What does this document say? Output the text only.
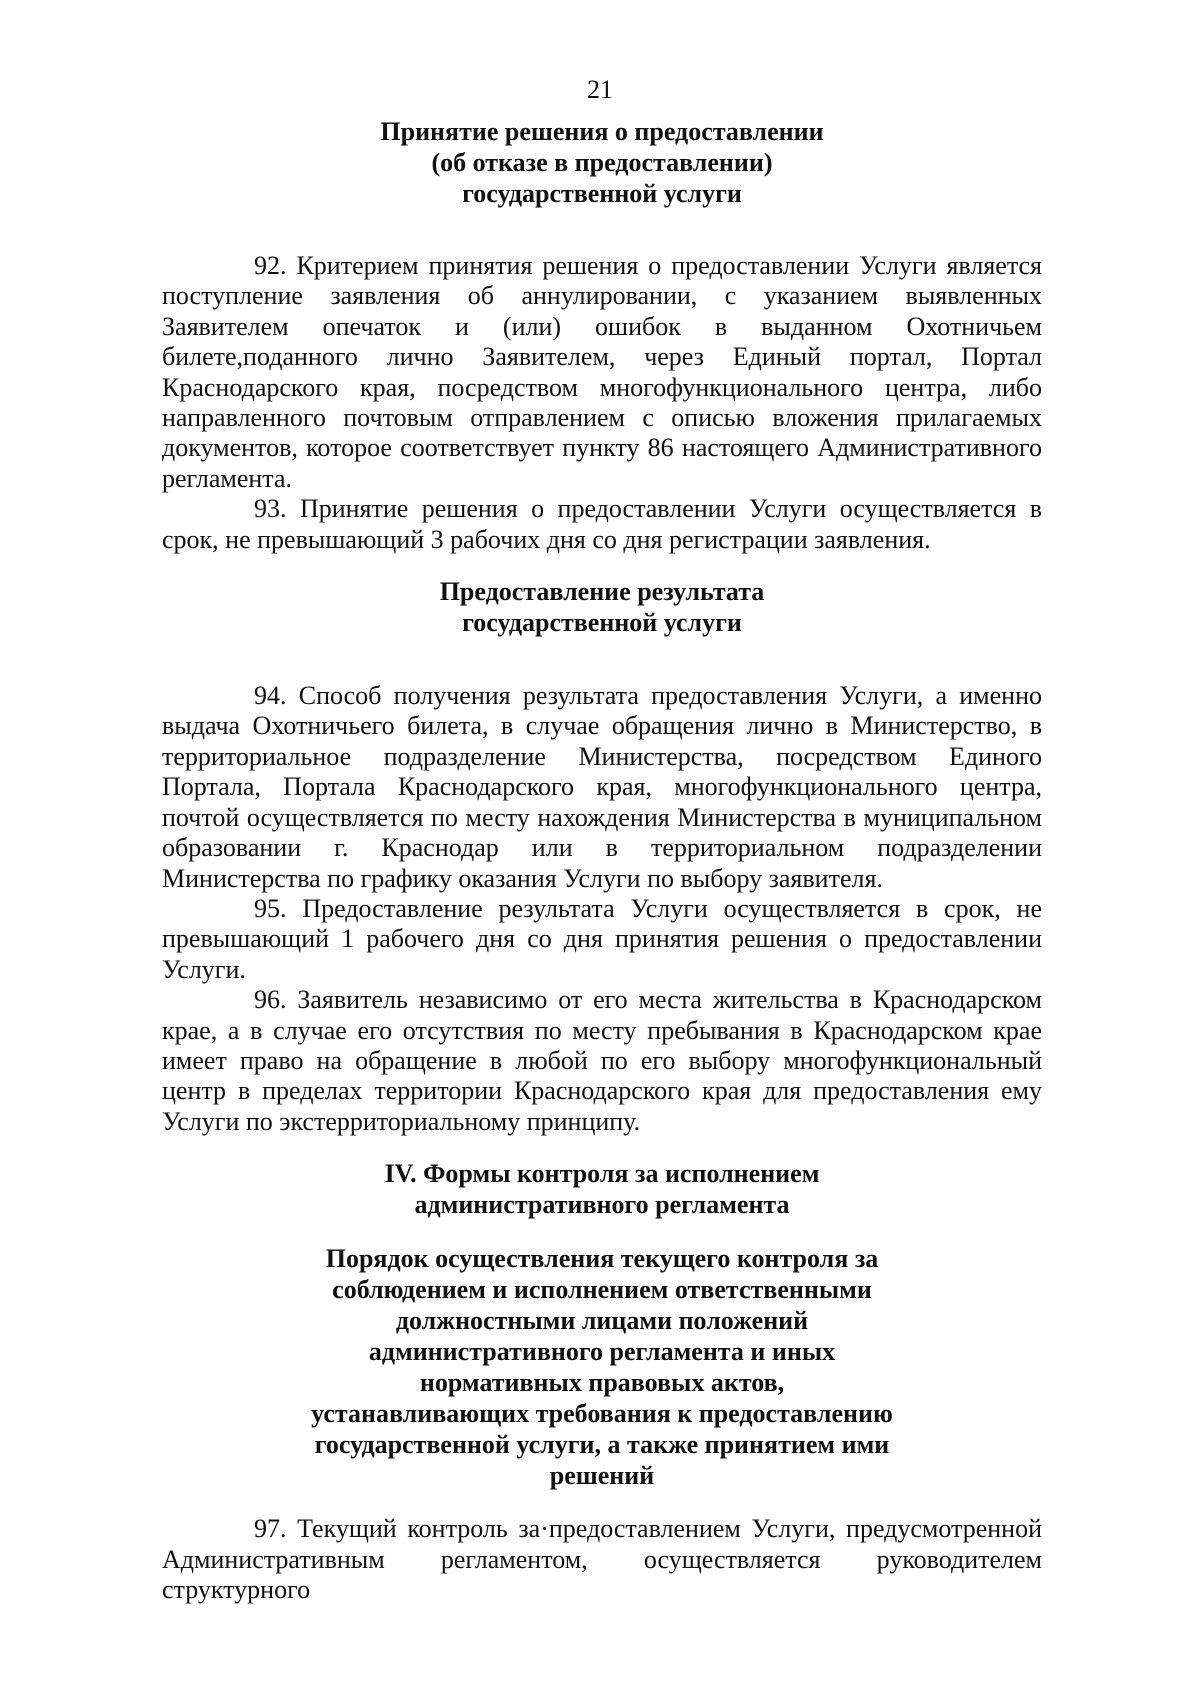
21
Принятие решения о предоставлении
(об отказе в предоставлении)
государственной услуги

92. Критерием принятия решения о предоставлении Услуги является поступление заявления об аннулировании, с указанием выявленных Заявителем опечаток и (или) ошибок в выданном Охотничьем билете,поданного лично Заявителем, через Единый портал, Портал Краснодарского края, посредством многофункционального центра, либо направленного почтовым отправлением с описью вложения прилагаемых документов, которое соответствует пункту 86 настоящего Административного регламента.

93. Принятие решения о предоставлении Услуги осуществляется в срок, не превышающий 3 рабочих дня со дня регистрации заявления.

Предоставление результата
государственной услуги

94. Способ получения результата предоставления Услуги, а именно выдача Охотничьего билета, в случае обращения лично в Министерство, в территориальное подразделение Министерства, посредством Единого Портала, Портала Краснодарского края, многофункционального центра, почтой осуществляется по месту нахождения Министерства в муниципальном образовании г. Краснодар или в территориальном подразделении Министерства по графику оказания Услуги по выбору заявителя.

95. Предоставление результата Услуги осуществляется в срок, не превышающий 1 рабочего дня со дня принятия решения о предоставлении Услуги.

96. Заявитель независимо от его места жительства в Краснодарском крае, а в случае его отсутствия по месту пребывания в Краснодарском крае имеет право на обращение в любой по его выбору многофункциональный центр в пределах территории Краснодарского края для предоставления ему Услуги по экстерриториальному принципу.

IV. Формы контроля за исполнением
административного регламента
Порядок осуществления текущего контроля за
соблюдением и исполнением ответственными
должностными лицами положений
административного регламента и иных
нормативных правовых актов,
устанавливающих требования к предоставлению
государственной услуги, а также принятием ими
решений

97. Текущий контроль за·предоставлением Услуги, предусмотренной Административным регламентом, осуществляется руководителем структурного
